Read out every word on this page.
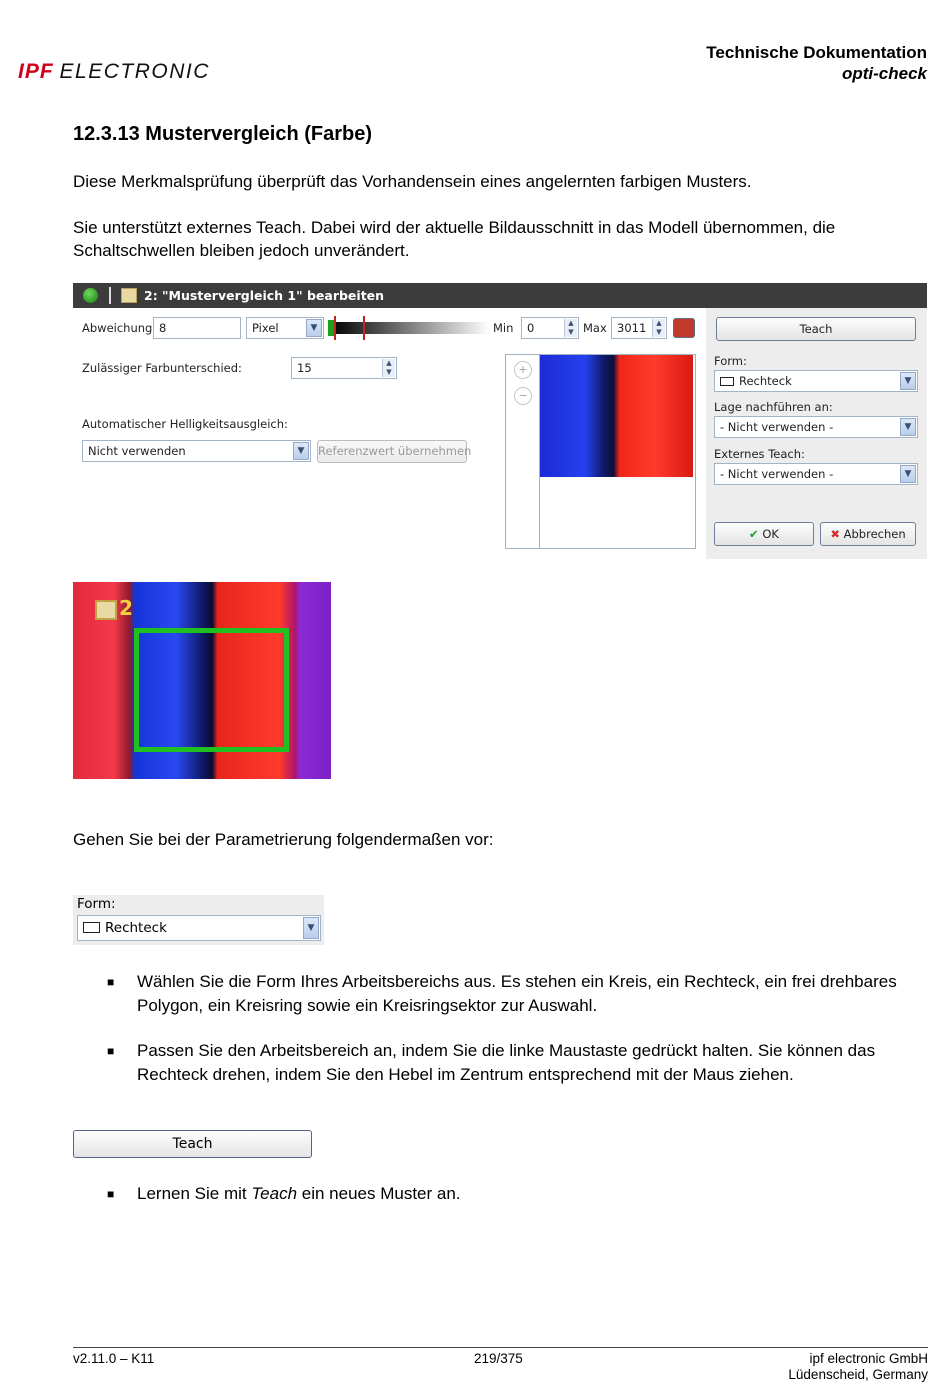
IPF ELECTRONIC
Technische Dokumentation
opti-check
12.3.13 Mustervergleich (Farbe)
Diese Merkmalsprüfung überprüft das Vorhandensein eines angelernten farbigen Musters.
Sie unterstützt externes Teach. Dabei wird der aktuelle Bildausschnitt in das Modell übernommen, die Schaltschwellen bleiben jedoch unverändert.
2: "Mustervergleich 1" bearbeiten
Abweichung 8	Pixel	▼	Min	0	▲
▼ Max 3011	▲
▼
Zulässiger Farbunterschied:	15	▲
▼
Automatischer Helligkeitsausgleich:
Nicht verwenden	▼	Referenzwert übernehmen
+
−
Teach
Form:
Rechteck	▼
Lage nachführen an:
- Nicht verwenden -	▼
Externes Teach:
- Nicht verwenden -	▼
✔ OK	✖ Abbrechen
2
Gehen Sie bei der Parametrierung folgendermaßen vor:
Form:
Rechteck	▼
■ Wählen Sie die Form Ihres Arbeitsbereichs aus. Es stehen ein Kreis, ein Rechteck, ein frei drehbares Polygon, ein Kreisring sowie ein Kreisringsektor zur Auswahl.
■ Passen Sie den Arbeitsbereich an, indem Sie die linke Maustaste gedrückt halten. Sie können das Rechteck drehen, indem Sie den Hebel im Zentrum entsprechend mit der Maus ziehen.
Teach
■ Lernen Sie mit Teach ein neues Muster an.
v2.11.0 – K11	219/375	ipf electronic GmbH
Lüdenscheid, Germany
